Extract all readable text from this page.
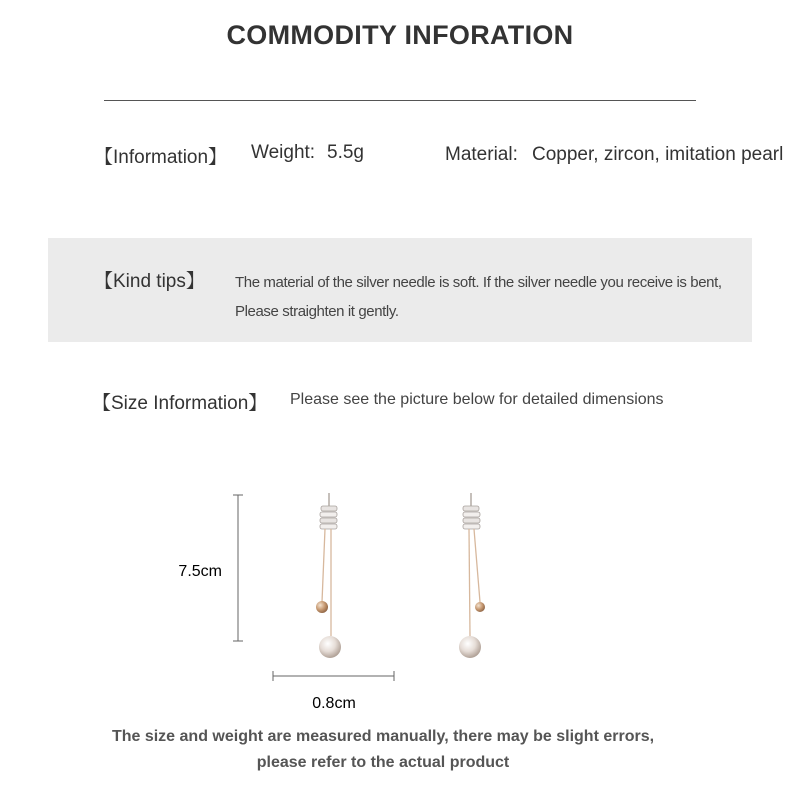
COMMODITY INFORATION
【Information】 Weight: 5.5g	Material: Copper, zircon, imitation pearl
【Kind tips】 The material of the silver needle is soft. If the silver needle you receive is bent,
Please straighten it gently.
【Size Information】 Please see the picture below for detailed dimensions
7.5cm
0.8cm
The size and weight are measured manually, there may be slight errors,
please refer to the actual product
